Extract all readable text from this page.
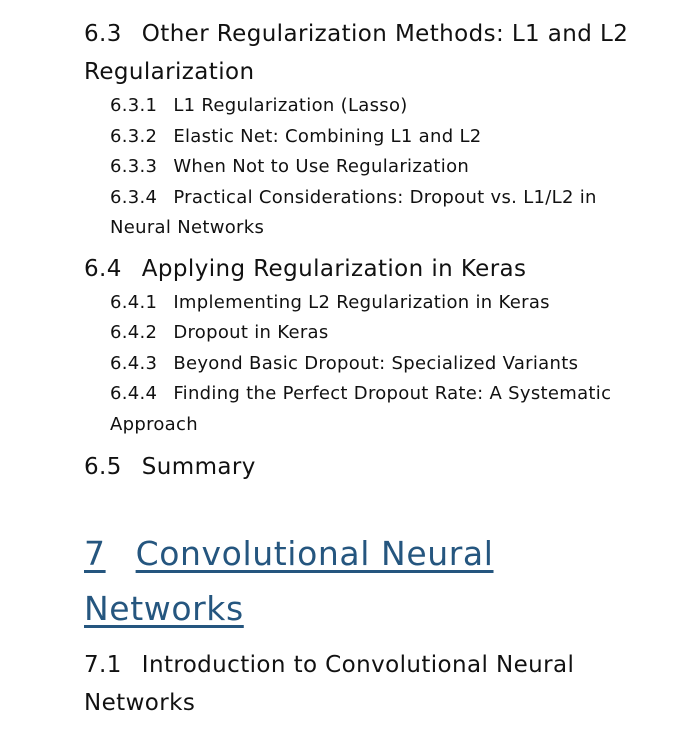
6.3 Other Regularization Methods: L1 and L2 Regularization

6.3.1 L1 Regularization (Lasso)

6.3.2 Elastic Net: Combining L1 and L2

6.3.3 When Not to Use Regularization

6.3.4 Practical Considerations: Dropout vs. L1/L2 in Neural Networks

6.4 Applying Regularization in Keras

6.4.1 Implementing L2 Regularization in Keras

6.4.2 Dropout in Keras

6.4.3 Beyond Basic Dropout: Specialized Variants

6.4.4 Finding the Perfect Dropout Rate: A Systematic Approach

6.5 Summary

7 Convolutional Neural Networks

7.1 Introduction to Convolutional Neural Networks
